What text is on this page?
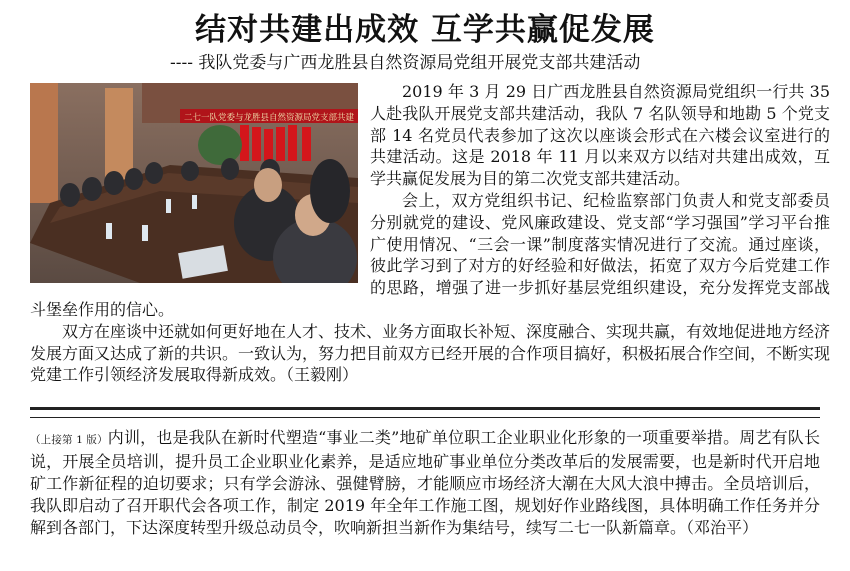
结对共建出成效 互学共赢促发展
---- 我队党委与广西龙胜县自然资源局党组开展党支部共建活动
二七一队党委与龙胜县自然资源局党支部共建

2019 年 3 月 29 日广西龙胜县自然资源局党组织一行共 35 人赴我队开展党支部共建活动，我队 7 名队领导和地勘 5 个党支部 14 名党员代表参加了这次以座谈会形式在六楼会议室进行的共建活动。这是 2018 年 11 月以来双方以结对共建出成效，互学共赢促发展为目的第二次党支部共建活动。

会上，双方党组织书记、纪检监察部门负责人和党支部委员分别就党的建设、党风廉政建设、党支部“学习强国”学习平台推广使用情况、“三会一课”制度落实情况进行了交流。通过座谈，彼此学习到了对方的好经验和好做法，拓宽了双方今后党建工作的思路，增强了进一步抓好基层党组织建设，充分发挥党支部战斗堡垒作用的信心。

双方在座谈中还就如何更好地在人才、技术、业务方面取长补短、深度融合、实现共赢，有效地促进地方经济发展方面又达成了新的共识。一致认为，努力把目前双方已经开展的合作项目搞好，积极拓展合作空间，不断实现党建工作引领经济发展取得新成效。（王毅刚）

（上接第 1 版）内训，也是我队在新时代塑造“事业二类”地矿单位职工企业职业化形象的一项重要举措。周艺有队长说，开展全员培训，提升员工企业职业化素养，是适应地矿事业单位分类改革后的发展需要，也是新时代开启地矿工作新征程的迫切要求；只有学会游泳、强健臂膀，才能顺应市场经济大潮在大风大浪中搏击。全员培训后，我队即启动了召开职代会各项工作，制定 2019 年全年工作施工图，规划好作业路线图，具体明确工作任务并分解到各部门，下达深度转型升级总动员令，吹响新担当新作为集结号，续写二七一队新篇章。（邓治平）
